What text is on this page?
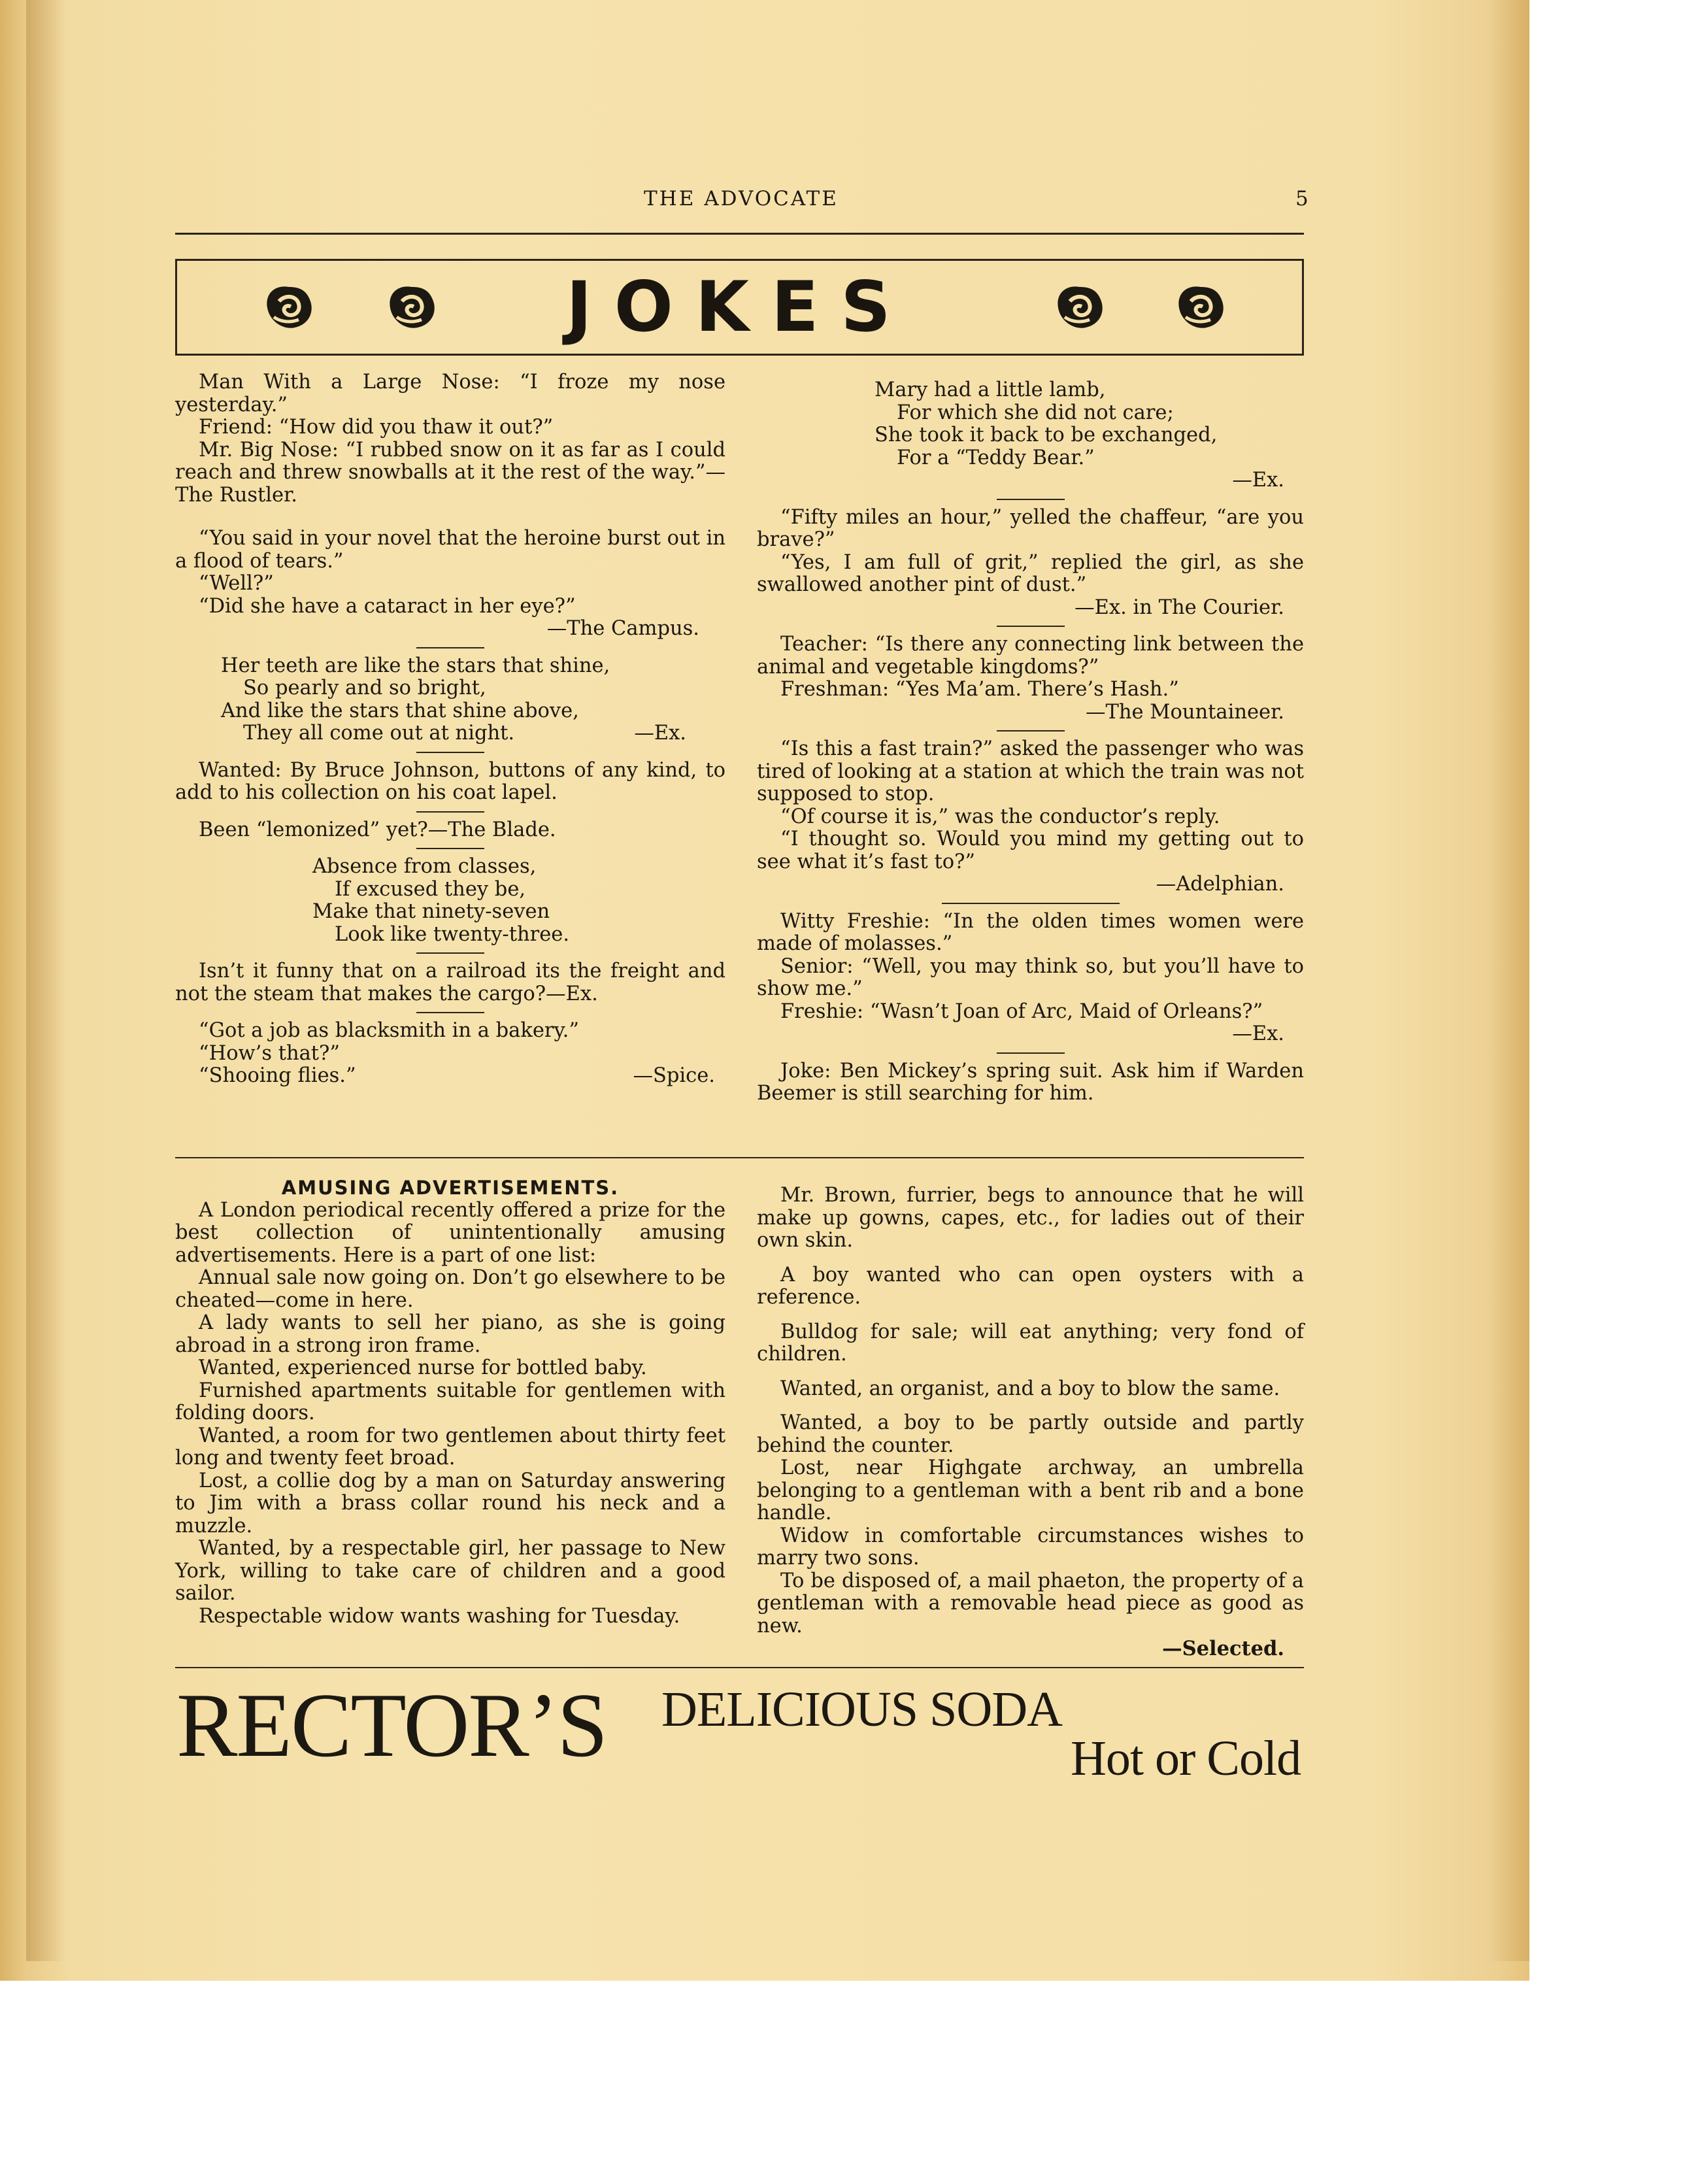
THE ADVOCATE	5
JOKES

Man With a Large Nose: “I froze my nose yesterday.”

Friend: “How did you thaw it out?”

Mr. Big Nose: “I rubbed snow on it as far as I could reach and threw snowballs at it the rest of the way.”—The Rustler.

“You said in your novel that the heroine burst out in a flood of tears.”

“Well?”

“Did she have a cataract in her eye?”

—The Campus.

Her teeth are like the stars that shine,

So pearly and so bright,

And like the stars that shine above,

They all come out at night.	—Ex.

Wanted: By Bruce Johnson, buttons of any kind, to add to his collection on his coat lapel.

Been “lemonized” yet?—The Blade.

Absence from classes,

If excused they be,

Make that ninety-seven

Look like twenty-three.

Isn’t it funny that on a railroad its the freight and not the steam that makes the cargo?—Ex.

“Got a job as blacksmith in a bakery.”

“How’s that?”

“Shooing flies.”	—Spice.

Mary had a little lamb,

For which she did not care;

She took it back to be exchanged,

For a “Teddy Bear.”

—Ex.

“Fifty miles an hour,” yelled the chaffeur, “are you brave?”

“Yes, I am full of grit,” replied the girl, as she swallowed another pint of dust.”

—Ex. in The Courier.

Teacher: “Is there any connecting link between the animal and vegetable kingdoms?”

Freshman: “Yes Ma’am. There’s Hash.”

—The Mountaineer.

“Is this a fast train?” asked the passenger who was tired of looking at a station at which the train was not supposed to stop.

“Of course it is,” was the conductor’s reply.

“I thought so. Would you mind my getting out to see what it’s fast to?”

—Adelphian.

Witty Freshie: “In the olden times women were made of molasses.”

Senior: “Well, you may think so, but you’ll have to show me.”

Freshie: “Wasn’t Joan of Arc, Maid of Orleans?”

—Ex.

Joke: Ben Mickey’s spring suit. Ask him if Warden Beemer is still searching for him.

AMUSING ADVERTISEMENTS.

A London periodical recently offered a prize for the best collection of unintentionally amusing advertisements. Here is a part of one list:

Annual sale now going on. Don’t go elsewhere to be cheated—come in here.

A lady wants to sell her piano, as she is going abroad in a strong iron frame.

Wanted, experienced nurse for bottled baby.

Furnished apartments suitable for gentlemen with folding doors.

Wanted, a room for two gentlemen about thirty feet long and twenty feet broad.

Lost, a collie dog by a man on Saturday answering to Jim with a brass collar round his neck and a muzzle.

Wanted, by a respectable girl, her passage to New York, willing to take care of children and a good sailor.

Respectable widow wants washing for Tuesday.

Mr. Brown, furrier, begs to announce that he will make up gowns, capes, etc., for ladies out of their own skin.

A boy wanted who can open oysters with a reference.

Bulldog for sale; will eat anything; very fond of children.

Wanted, an organist, and a boy to blow the same.

Wanted, a boy to be partly outside and partly behind the counter.

Lost, near Highgate archway, an umbrella belonging to a gentleman with a bent rib and a bone handle.

Widow in comfortable circumstances wishes to marry two sons.

To be disposed of, a mail phaeton, the property of a gentleman with a removable head piece as good as new.

—Selected.

RECTOR’S DELICIOUS SODA
Hot or Cold
